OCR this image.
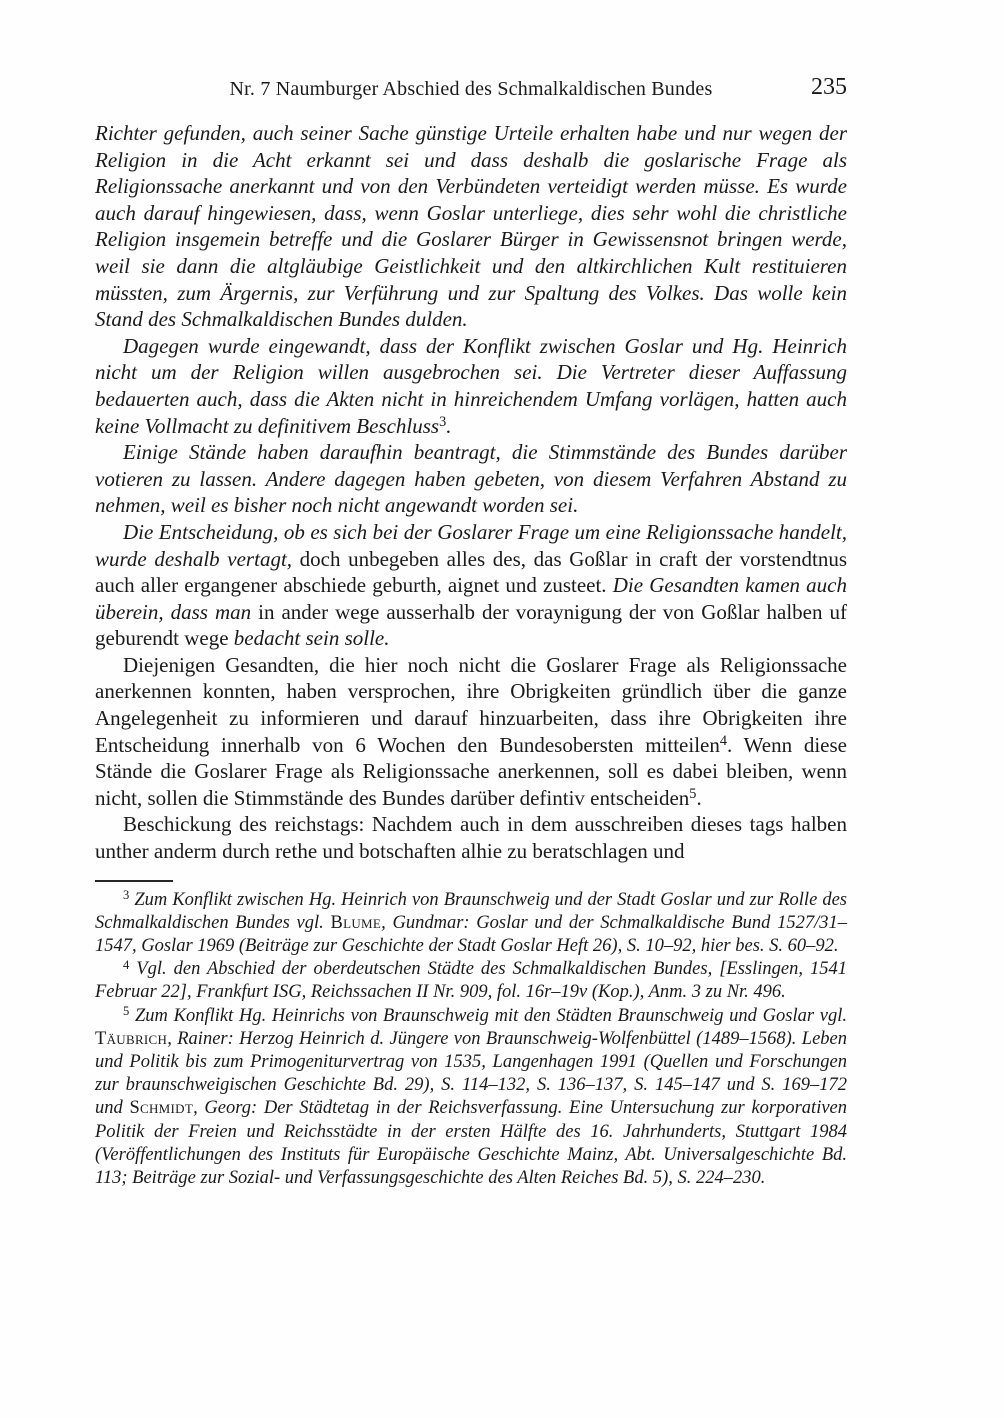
Nr. 7 Naumburger Abschied des Schmalkaldischen Bundes	235

Richter gefunden, auch seiner Sache günstige Urteile erhalten habe und nur wegen der Religion in die Acht erkannt sei und dass deshalb die goslarische Frage als Religionssache anerkannt und von den Verbündeten verteidigt werden müsse. Es wurde auch darauf hingewiesen, dass, wenn Goslar unterliege, dies sehr wohl die christliche Religion insgemein betreffe und die Goslarer Bürger in Gewissensnot bringen werde, weil sie dann die altgläubige Geistlichkeit und den altkirchlichen Kult restituieren müssten, zum Ärgernis, zur Verführung und zur Spaltung des Volkes. Das wolle kein Stand des Schmalkaldischen Bundes dulden.

Dagegen wurde eingewandt, dass der Konflikt zwischen Goslar und Hg. Heinrich nicht um der Religion willen ausgebrochen sei. Die Vertreter dieser Auffassung bedauerten auch, dass die Akten nicht in hinreichendem Umfang vorlägen, hatten auch keine Vollmacht zu definitivem Beschluss$^3$.

Einige Stände haben daraufhin beantragt, die Stimmstände des Bundes darüber votieren zu lassen. Andere dagegen haben gebeten, von diesem Verfahren Abstand zu nehmen, weil es bisher noch nicht angewandt worden sei.

Die Entscheidung, ob es sich bei der Goslarer Frage um eine Religionssache handelt, wurde deshalb vertagt, doch unbegeben alles des, das Goßlar in craft der vorstendtnus auch aller ergangener abschiede geburth, aignet und zusteet. Die Gesandten kamen auch überein, dass man in ander wege ausserhalb der voraynigung der von Goßlar halben uf geburendt wege bedacht sein solle.

Diejenigen Gesandten, die hier noch nicht die Goslarer Frage als Religionssache anerkennen konnten, haben versprochen, ihre Obrigkeiten gründlich über die ganze Angelegenheit zu informieren und darauf hinzuarbeiten, dass ihre Obrigkeiten ihre Entscheidung innerhalb von 6 Wochen den Bundesobersten mitteilen$^4$. Wenn diese Stände die Goslarer Frage als Religionssache anerkennen, soll es dabei bleiben, wenn nicht, sollen die Stimmstände des Bundes darüber defintiv entscheiden$^5$.

Beschickung des reichstags: Nachdem auch in dem ausschreiben dieses tags halben unther anderm durch rethe und botschaften alhie zu beratschlagen und

$^3$ Zum Konflikt zwischen Hg. Heinrich von Braunschweig und der Stadt Goslar und zur Rolle des Schmalkaldischen Bundes vgl. Blume, Gundmar: Goslar und der Schmalkaldische Bund 1527/31–1547, Goslar 1969 (Beiträge zur Geschichte der Stadt Goslar Heft 26), S. 10–92, hier bes. S. 60–92.

$^4$ Vgl. den Abschied der oberdeutschen Städte des Schmalkaldischen Bundes, [Esslingen, 1541 Februar 22], Frankfurt ISG, Reichssachen II Nr. 909, fol. 16r–19v (Kop.), Anm. 3 zu Nr. 496.

$^5$ Zum Konflikt Hg. Heinrichs von Braunschweig mit den Städten Braunschweig und Goslar vgl. Täubrich, Rainer: Herzog Heinrich d. Jüngere von Braunschweig-Wolfenbüttel (1489–1568). Leben und Politik bis zum Primogeniturvertrag von 1535, Langenhagen 1991 (Quellen und Forschungen zur braunschweigischen Geschichte Bd. 29), S. 114–132, S. 136–137, S. 145–147 und S. 169–172 und Schmidt, Georg: Der Städtetag in der Reichsverfassung. Eine Untersuchung zur korporativen Politik der Freien und Reichsstädte in der ersten Hälfte des 16. Jahrhunderts, Stuttgart 1984 (Veröffentlichungen des Instituts für Europäische Geschichte Mainz, Abt. Universalgeschichte Bd. 113; Beiträge zur Sozial- und Verfassungsgeschichte des Alten Reiches Bd. 5), S. 224–230.
